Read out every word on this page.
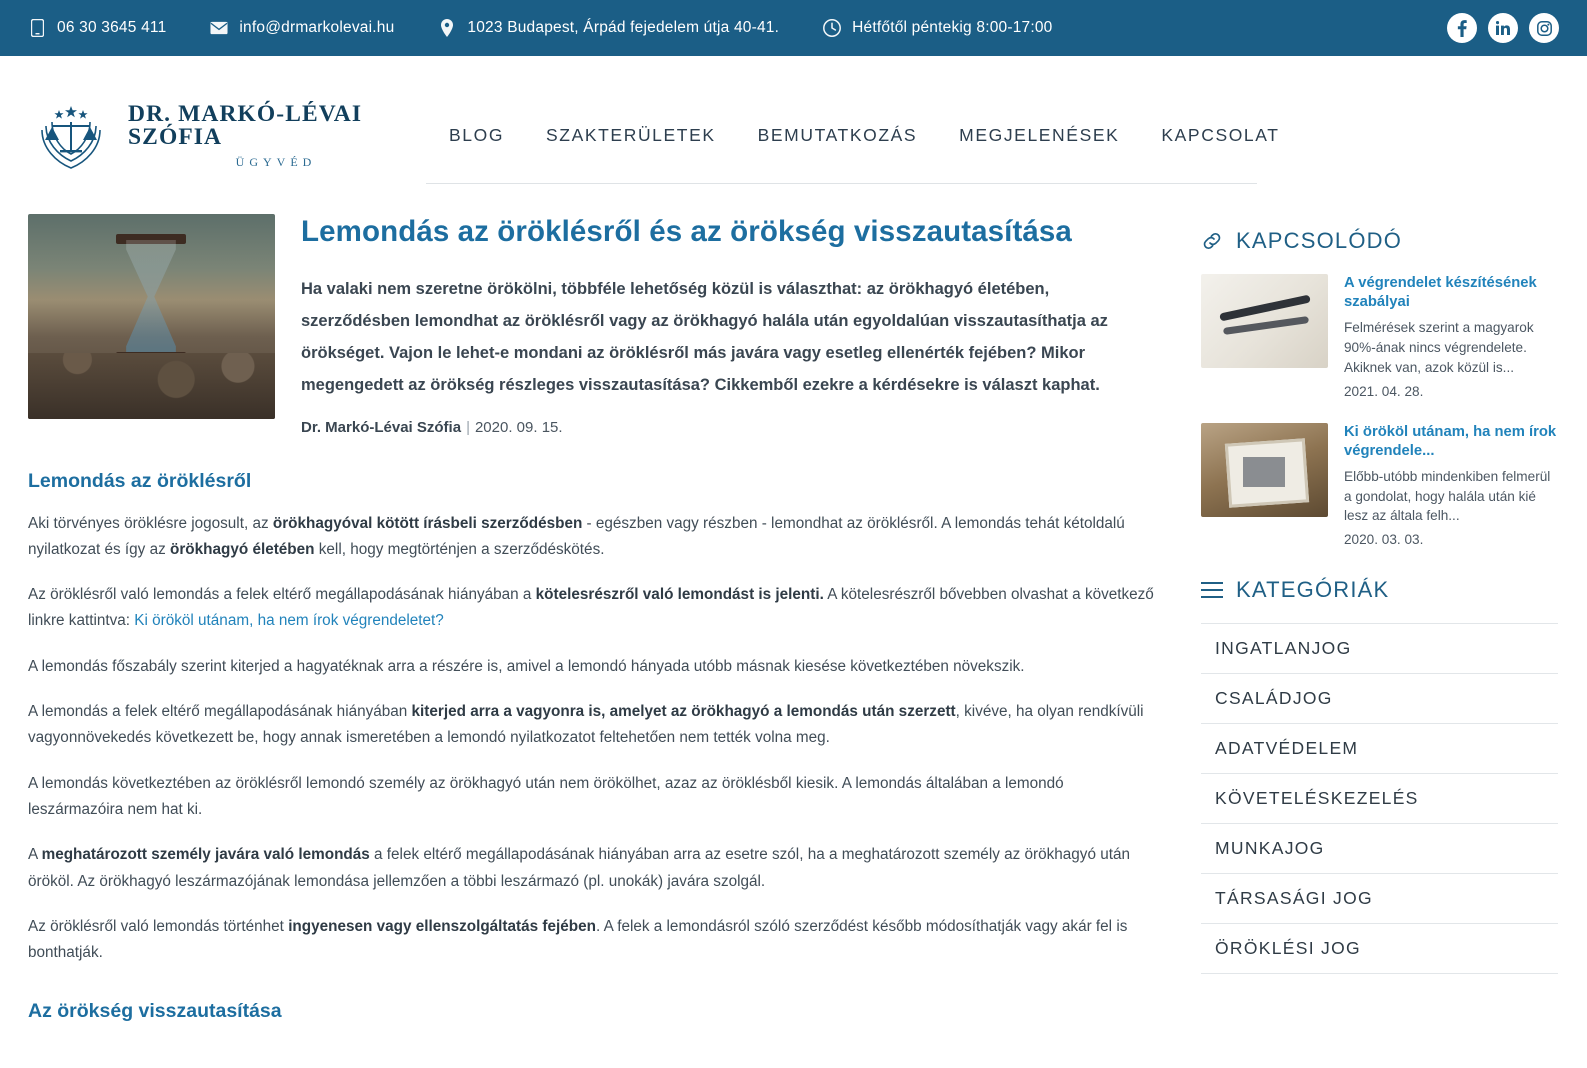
06 30 3645 411	info@drmarkolevai.hu	1023 Budapest, Árpád fejedelem útja 40-41.	Hétfőtől péntekig 8:00-17:00
DR. MARKÓ-LÉVAI SZÓFIA
ÜGYVÉD
BLOG	SZAKTERÜLETEK	BEMUTATKOZÁS	MEGJELENÉSEK	KAPCSOLAT
Lemondás az öröklésről és az örökség visszautasítása

Ha valaki nem szeretne örökölni, többféle lehetőség közül is választhat: az örökhagyó életében, szerződésben lemondhat az öröklésről vagy az örökhagyó halála után egyoldalúan visszautasíthatja az örökséget. Vajon le lehet-e mondani az öröklésről más javára vagy esetleg ellenérték fejében? Mikor megengedett az örökség részleges visszautasítása? Cikkemből ezekre a kérdésekre is választ kaphat.

Dr. Markó-Lévai Szófia | 2020. 09. 15.
Lemondás az öröklésről

Aki törvényes öröklésre jogosult, az örökhagyóval kötött írásbeli szerződésben - egészben vagy részben - lemondhat az öröklésről. A lemondás tehát kétoldalú nyilatkozat és így az örökhagyó életében kell, hogy megtörténjen a szerződéskötés.

Az öröklésről való lemondás a felek eltérő megállapodásának hiányában a kötelesrészről való lemondást is jelenti. A kötelesrészről bővebben olvashat a következő linkre kattintva: Ki örököl utánam, ha nem írok végrendeletet?

A lemondás főszabály szerint kiterjed a hagyatéknak arra a részére is, amivel a lemondó hányada utóbb másnak kiesése következtében növekszik.

A lemondás a felek eltérő megállapodásának hiányában kiterjed arra a vagyonra is, amelyet az örökhagyó a lemondás után szerzett, kivéve, ha olyan rendkívüli vagyonnövekedés következett be, hogy annak ismeretében a lemondó nyilatkozatot feltehetően nem tették volna meg.

A lemondás következtében az öröklésről lemondó személy az örökhagyó után nem örökölhet, azaz az öröklésből kiesik. A lemondás általában a lemondó leszármazóira nem hat ki.

A meghatározott személy javára való lemondás a felek eltérő megállapodásának hiányában arra az esetre szól, ha a meghatározott személy az örökhagyó után örököl. Az örökhagyó leszármazójának lemondása jellemzően a többi leszármazó (pl. unokák) javára szolgál.

Az öröklésről való lemondás történhet ingyenesen vagy ellenszolgáltatás fejében. A felek a lemondásról szóló szerződést később módosíthatják vagy akár fel is bonthatják.

Az örökség visszautasítása
KAPCSOLÓDÓ
A végrendelet készítésének szabályai
Felmérések szerint a magyarok 90%-ának nincs végrendelete. Akiknek van, azok közül is...
2021. 04. 28.
Ki örököl utánam, ha nem írok végrendele...
Előbb-utóbb mindenkiben felmerül a gondolat, hogy halála után kié lesz az általa felh...
2020. 03. 03.
KATEGÓRIÁK
INGATLANJOG
CSALÁDJOG
ADATVÉDELEM
KÖVETELÉSKEZELÉS
MUNKAJOG
TÁRSASÁGI JOG
ÖRÖKLÉSI JOG
